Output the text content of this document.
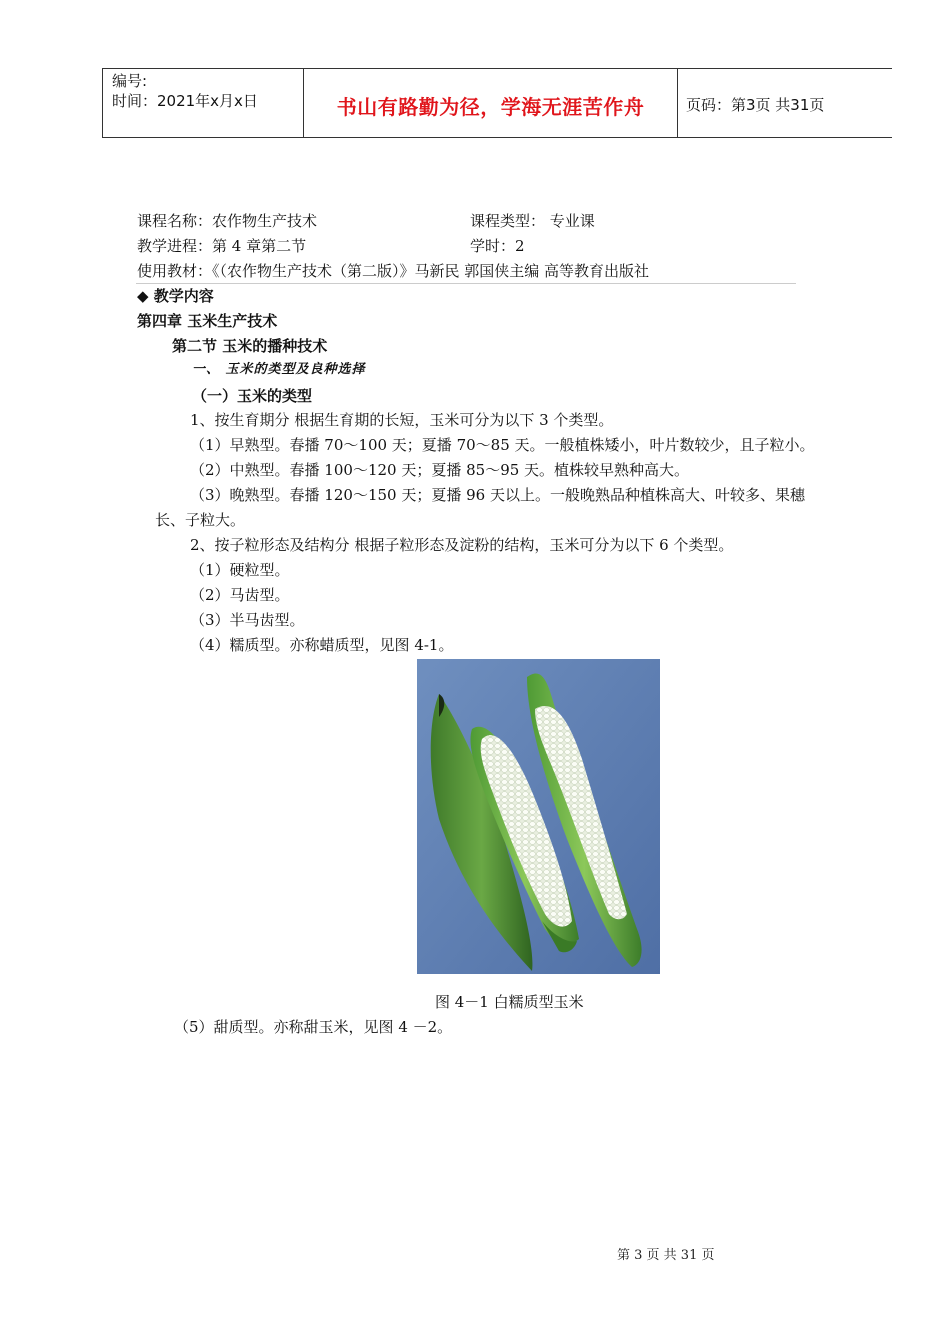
编号:
时间：2021年x月x日	书山有路勤为径，学海无涯苦作舟	页码：第3页 共31页
课程名称：农作物生产技术	课程类型： 专业课
教学进程：第 4 章第二节	学时：2
使用教材：《（农作物生产技术（第二版）》马新民 郭国侠主编 高等教育出版社
◆ 教学内容
第四章 玉米生产技术
第二节 玉米的播种技术
一、 玉米的类型及良种选择
（一）玉米的类型
1、按生育期分 根据生育期的长短，玉米可分为以下 3 个类型。
（1）早熟型。春播 70～100 天；夏播 70～85 天。一般植株矮小，叶片数较少，且子粒小。
（2）中熟型。春播 100～120 天；夏播 85～95 天。植株较早熟种高大。
（3）晚熟型。春播 120～150 天；夏播 96 天以上。一般晚熟品种植株高大、叶较多、果穗
长、子粒大。
2、按子粒形态及结构分 根据子粒形态及淀粉的结构，玉米可分为以下 6 个类型。
（1）硬粒型。
（2）马齿型。
（3）半马齿型。
（4）糯质型。亦称蜡质型，见图 4-1。
图 4－1 白糯质型玉米
（5）甜质型。亦称甜玉米，见图 4 －2。
第 3 页 共 31 页
